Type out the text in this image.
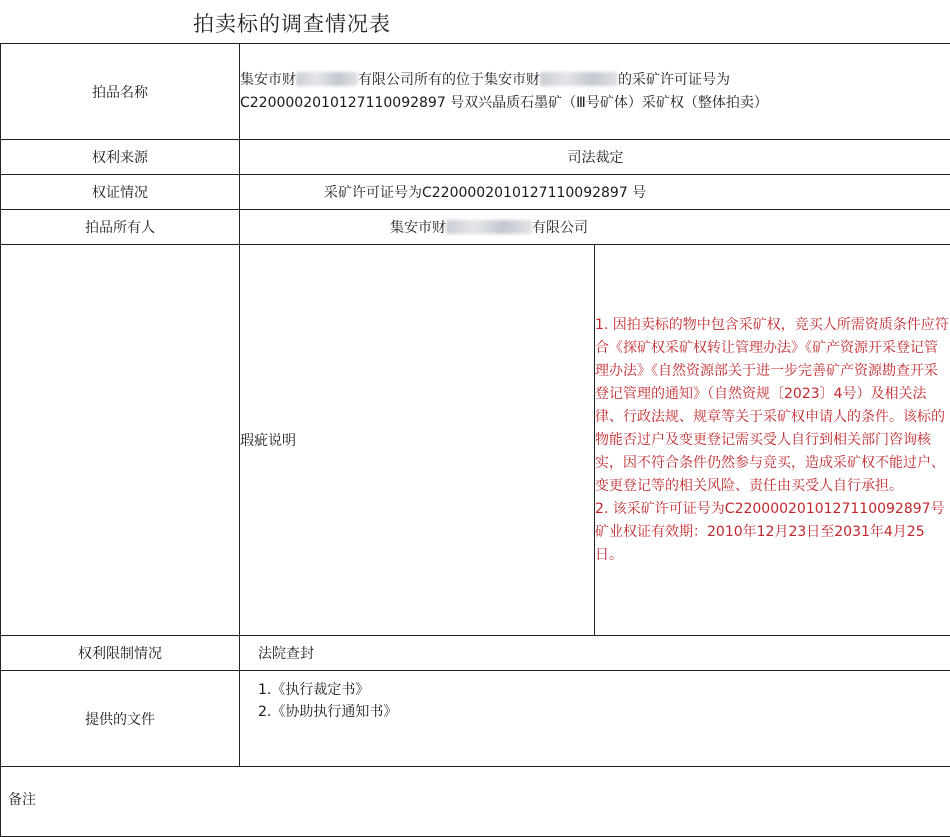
拍卖标的调查情况表
拍品名称	集安市财 有限公司所有的位于集安市财 的采矿许可证号为
C2200002010127110092897 号双兴晶质石墨矿（Ⅲ号矿体）采矿权（整体拍卖）	

权利来源	司法裁定	
权证情况	采矿许可证号为C2200002010127110092897 号	
拍品所有人	集安市财 有限公司	
	瑕疵说明	1. 因拍卖标的物中包含采矿权，竞买人所需资质条件应符合《探矿权采矿权转让管理办法》《矿产资源开采登记管理办法》《自然资源部关于进一步完善矿产资源勘查开采登记管理的通知》（自然资规〔2023〕4号）及相关法律、行政法规、规章等关于采矿权申请人的条件。该标的物能否过户及变更登记需买受人自行到相关部门咨询核实，因不符合条件仍然参与竞买，造成采矿权不能过户、变更登记等的相关风险、责任由买受人自行承担。

2. 该采矿许可证号为C2200002010127110092897号矿业权证有效期：2010年12月23日至2031年4月25日。

权利限制情况	法院查封	
提供的文件	1.《执行裁定书》
2.《协助执行通知书》	

备注		
